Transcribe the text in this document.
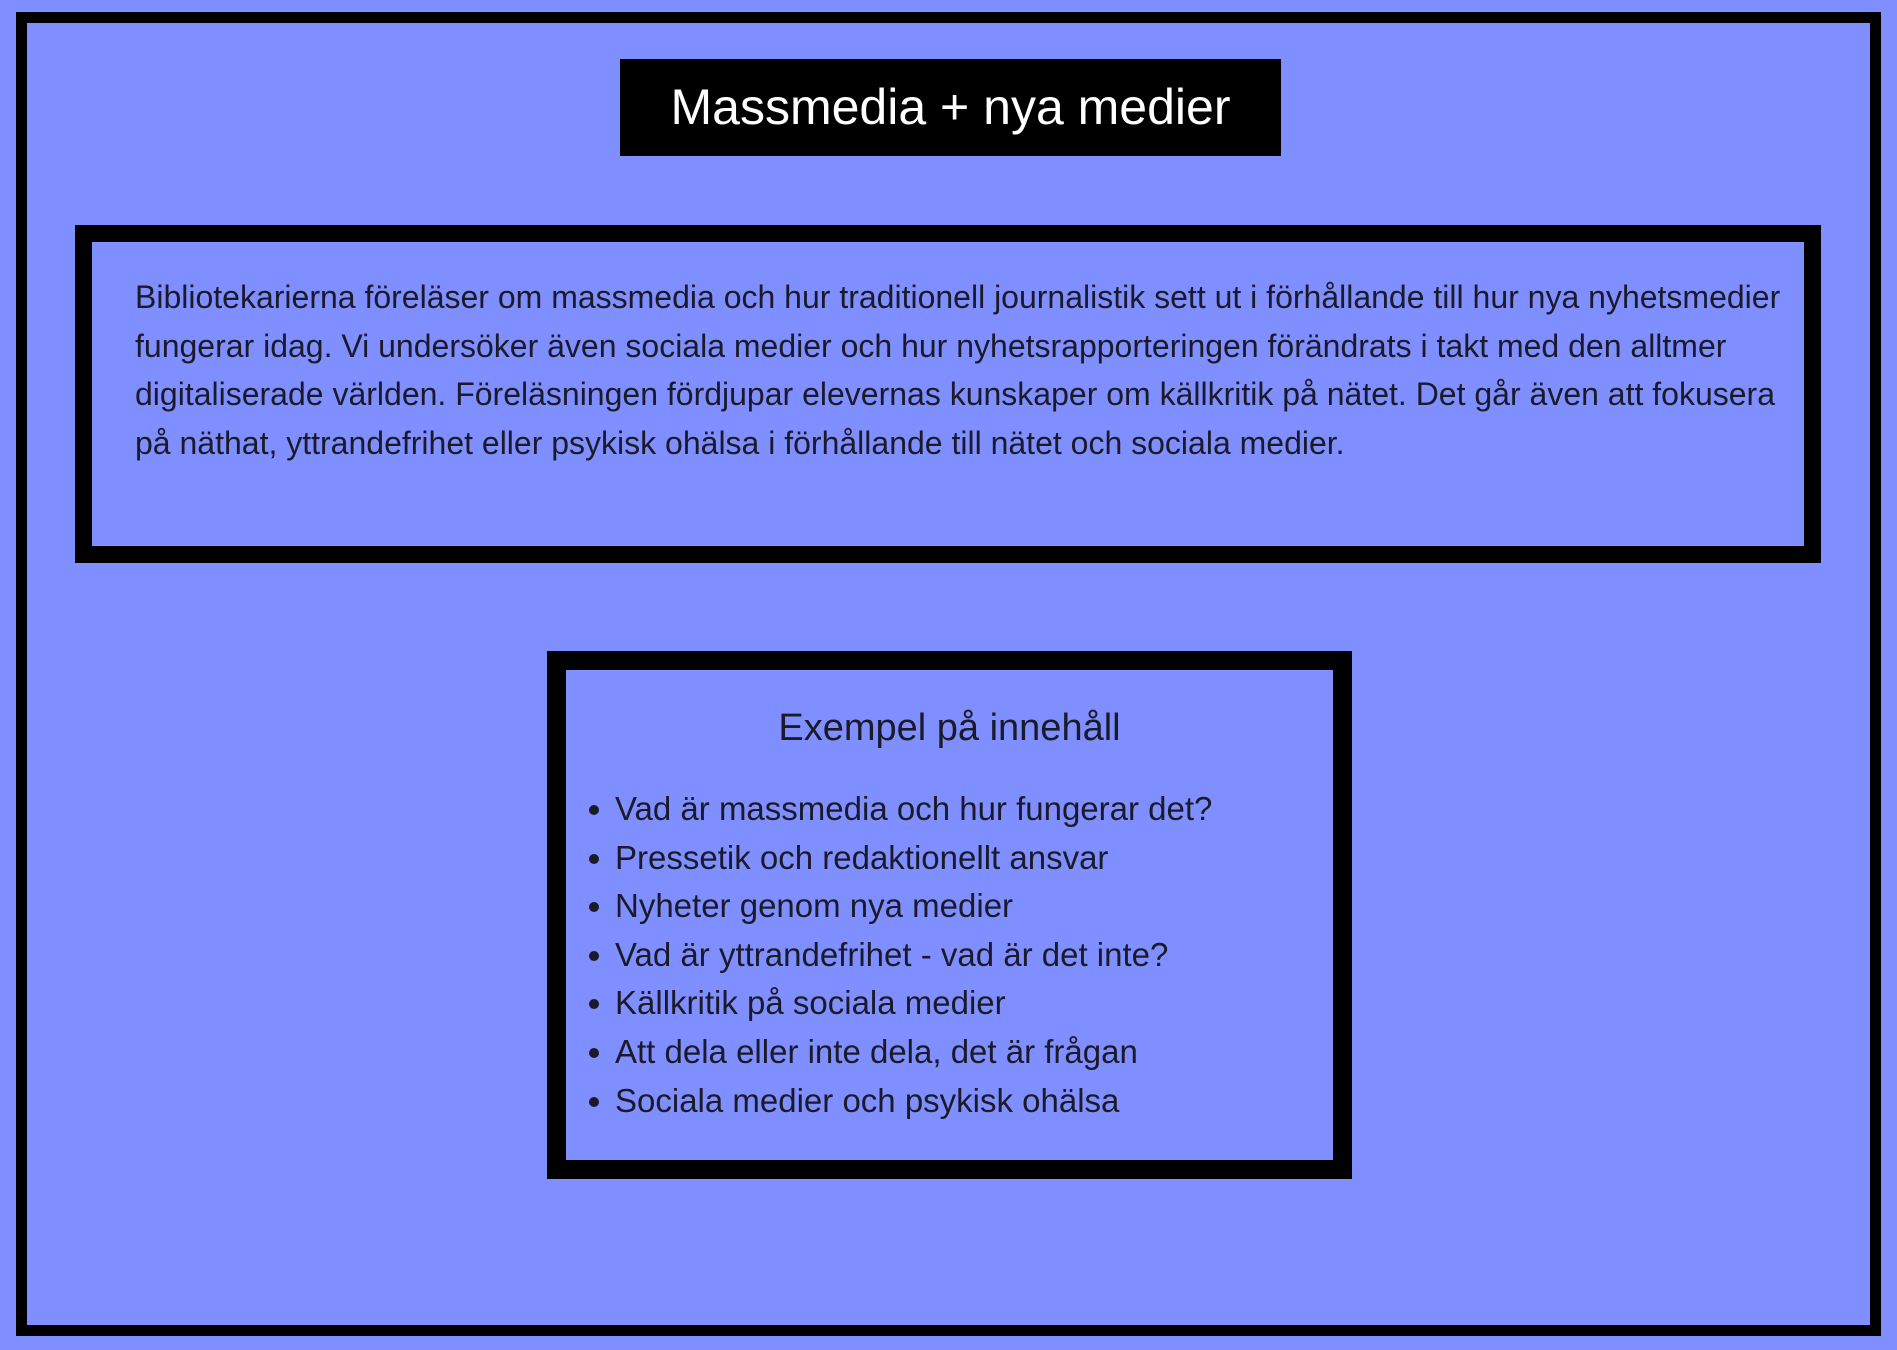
Massmedia + nya medier

Bibliotekarierna föreläser om massmedia och hur traditionell journalistik sett ut i förhållande till hur nya nyhetsmedier fungerar idag. Vi undersöker även sociala medier och hur nyhetsrapporteringen förändrats i takt med den alltmer digitaliserade världen. Föreläsningen fördjupar elevernas kunskaper om källkritik på nätet. Det går även att fokusera på näthat, yttrandefrihet eller psykisk ohälsa i förhållande till nätet och sociala medier.

Exempel på innehåll
Vad är massmedia och hur fungerar det?
Pressetik och redaktionellt ansvar
Nyheter genom nya medier
Vad är yttrandefrihet - vad är det inte?
Källkritik på sociala medier
Att dela eller inte dela, det är frågan
Sociala medier och psykisk ohälsa
